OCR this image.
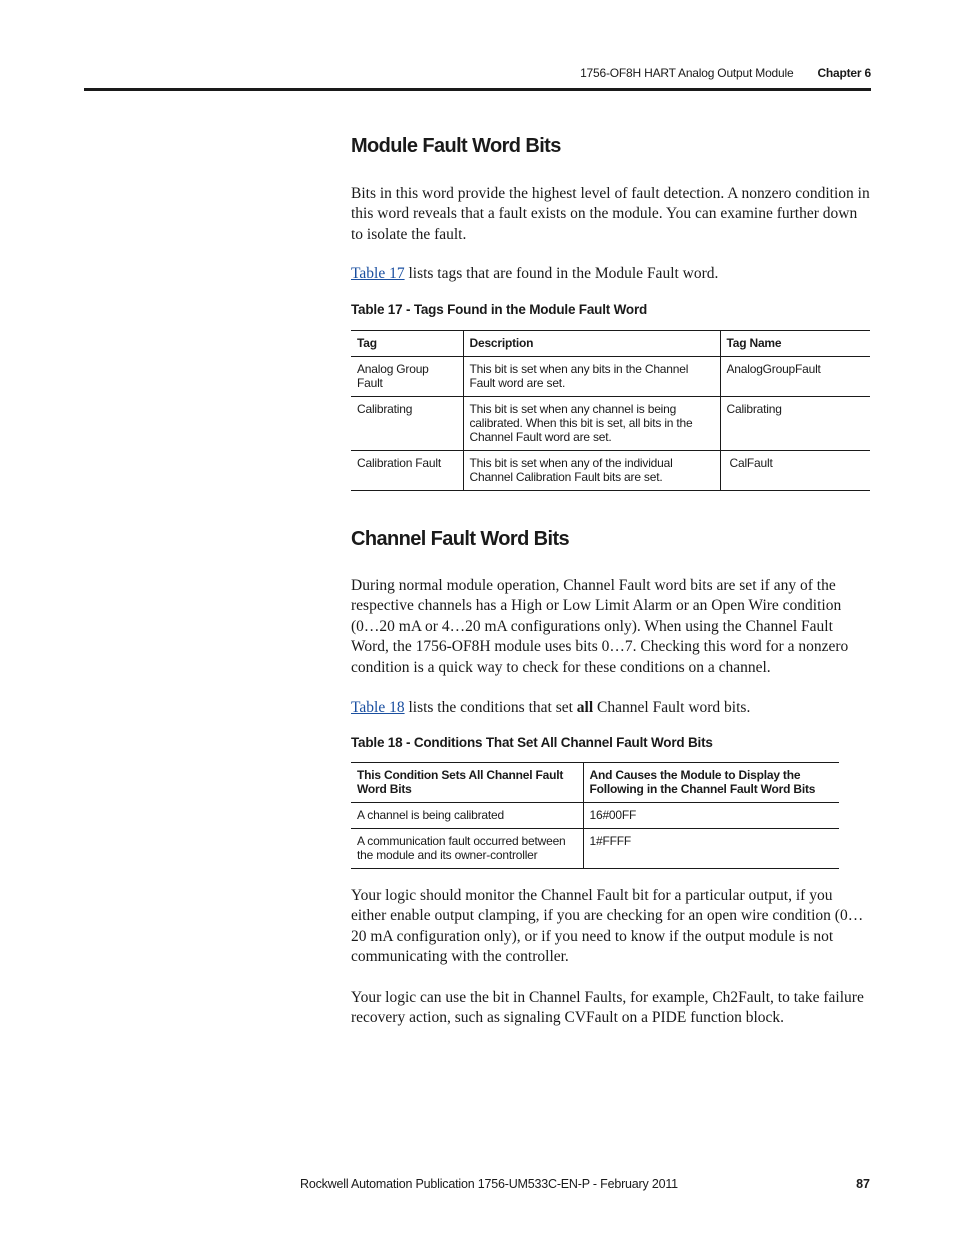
1756-OF8H HART Analog Output Module Chapter 6
Module Fault Word Bits

Bits in this word provide the highest level of fault detection. A nonzero condition in this word reveals that a fault exists on the module. You can examine further down to isolate the fault.

Table 17 lists tags that are found in the Module Fault word.

Table 17 - Tags Found in the Module Fault Word

Tag	Description	Tag Name
Analog Group Fault	This bit is set when any bits in the Channel Fault word are set.	AnalogGroupFault
Calibrating	This bit is set when any channel is being calibrated. When this bit is set, all bits in the Channel Fault word are set.	Calibrating
Calibration Fault	This bit is set when any of the individual Channel Calibration Fault bits are set.	CalFault
Channel Fault Word Bits

During normal module operation, Channel Fault word bits are set if any of the respective channels has a High or Low Limit Alarm or an Open Wire condition (0…20 mA or 4…20 mA configurations only). When using the Channel Fault Word, the 1756-OF8H module uses bits 0…7. Checking this word for a nonzero condition is a quick way to check for these conditions on a channel.

Table 18 lists the conditions that set all Channel Fault word bits.

Table 18 - Conditions That Set All Channel Fault Word Bits

This Condition Sets All Channel Fault Word Bits	And Causes the Module to Display the Following in the Channel Fault Word Bits
A channel is being calibrated	16#00FF
A communication fault occurred between the module and its owner-controller	1#FFFF

Your logic should monitor the Channel Fault bit for a particular output, if you either enable output clamping, if you are checking for an open wire condition (0…20 mA configuration only), or if you need to know if the output module is not communicating with the controller.

Your logic can use the bit in Channel Faults, for example, Ch2Fault, to take failure recovery action, such as signaling CVFault on a PIDE function block.

Rockwell Automation Publication 1756-UM533C-EN-P - February 2011	87
